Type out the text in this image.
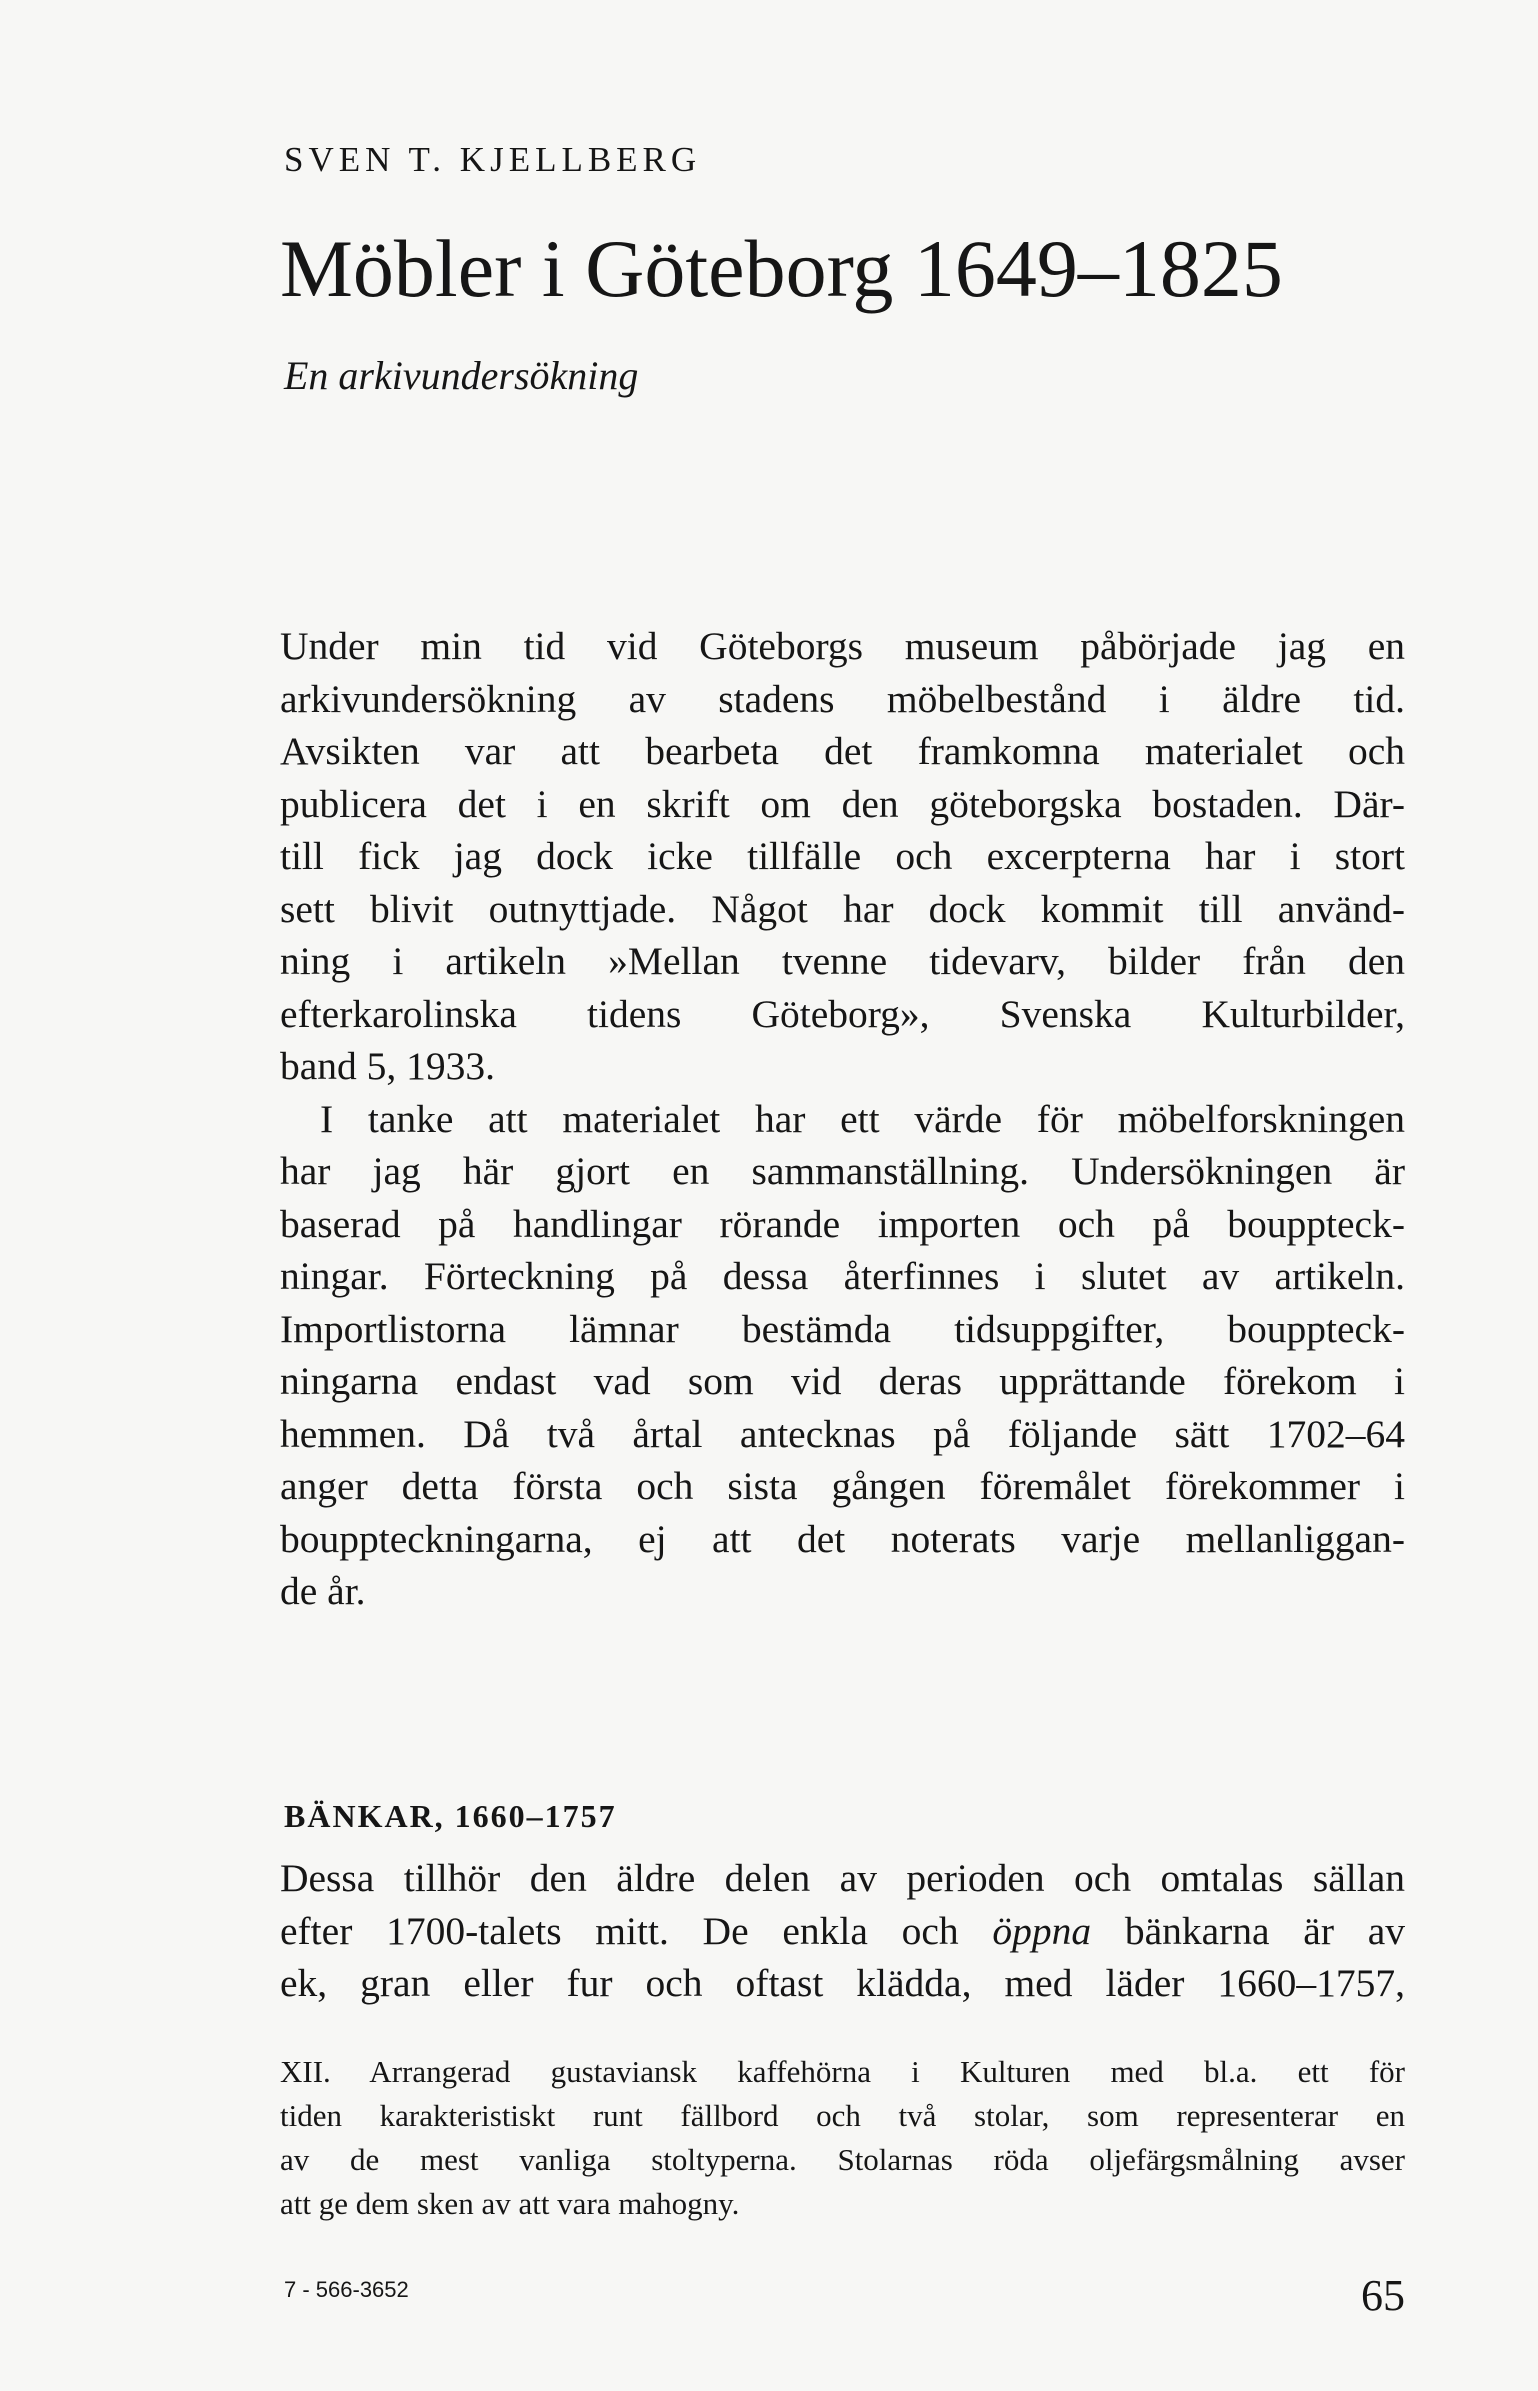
SVEN T. KJELLBERG

Möbler i Göteborg 1649–1825

En arkivundersökning

Under min tid vid Göteborgs museum påbörjade jag en
arkivundersökning av stadens möbelbestånd i äldre tid.
Avsikten var att bearbeta det framkomna materialet och
publicera det i en skrift om den göteborgska bostaden. Där-
till fick jag dock icke tillfälle och excerpterna har i stort
sett blivit outnyttjade. Något har dock kommit till använd-
ning i artikeln »Mellan tvenne tidevarv, bilder från den
efterkarolinska tidens Göteborg», Svenska Kulturbilder,
band 5, 1933.

I tanke att materialet har ett värde för möbelforskningen
har jag här gjort en sammanställning. Undersökningen är
baserad på handlingar rörande importen och på bouppteck-
ningar. Förteckning på dessa återfinnes i slutet av artikeln.
Importlistorna lämnar bestämda tidsuppgifter, bouppteck-
ningarna endast vad som vid deras upprättande förekom i
hemmen. Då två årtal antecknas på följande sätt 1702–64
anger detta första och sista gången föremålet förekommer i
bouppteckningarna, ej att det noterats varje mellanliggan-
de år.

BÄNKAR, 1660–1757
Dessa tillhör den äldre delen av perioden och omtalas sällan
efter 1700-talets mitt. De enkla och öppna bänkarna är av
ek, gran eller fur och oftast klädda, med läder 1660–1757,
XII. Arrangerad gustaviansk kaffehörna i Kulturen med bl.a. ett för
tiden karakteristiskt runt fällbord och två stolar, som representerar en
av de mest vanliga stoltyperna. Stolarnas röda oljefärgsmålning avser
att ge dem sken av att vara mahogny.
7 - 566-3652	65
